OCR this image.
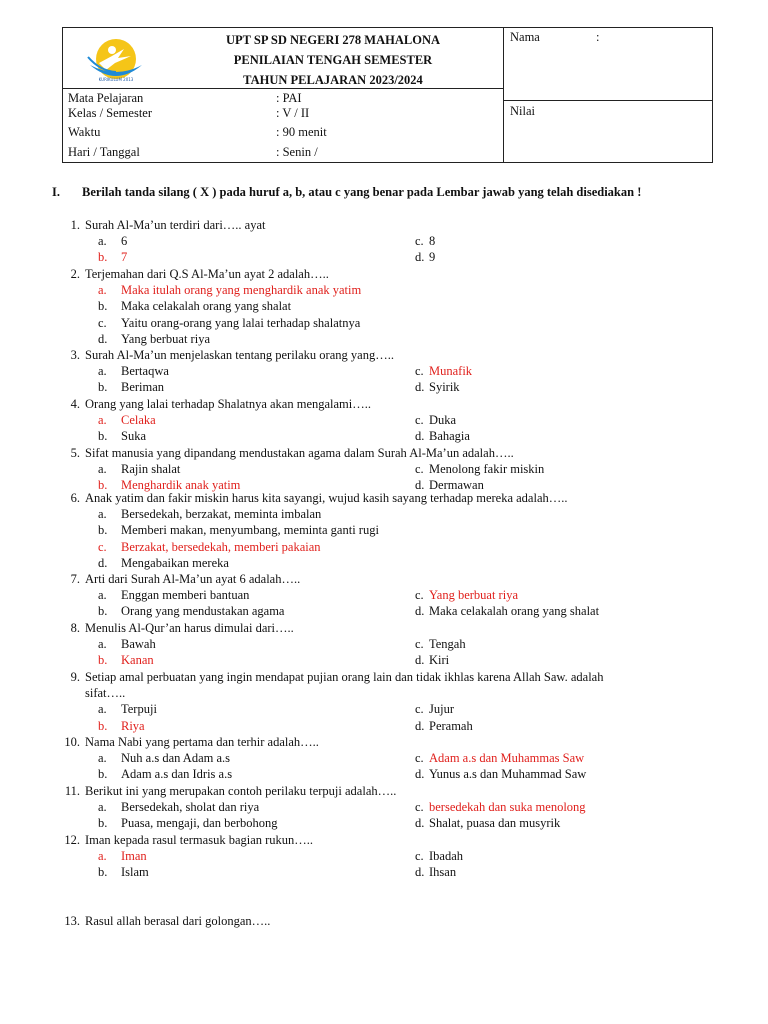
KURIKULUM 2013
UPT SP SD NEGERI 278 MAHALONA
PENILAIAN TENGAH SEMESTER
TAHUN PELAJARAN 2023/2024
Nama	:
Nilai
Mata Pelajaran	: PAI
Kelas / Semester	: V / II
Waktu	: 90 menit
Hari / Tanggal	: Senin /
I. Berilah tanda silang ( X ) pada huruf a, b, atau c yang benar pada Lembar jawab yang telah disediakan !
1. Surah Al-Ma’un terdiri dari….. ayat
a. 6	c. 8
b. 7	d. 9
2. Terjemahan dari Q.S Al-Ma’un ayat 2 adalah…..
a. Maka itulah orang yang menghardik anak yatim
b. Maka celakalah orang yang shalat
c. Yaitu orang-orang yang lalai terhadap shalatnya
d. Yang berbuat riya
3. Surah Al-Ma’un menjelaskan tentang perilaku orang yang…..
a. Bertaqwa	c. Munafik
b. Beriman	d. Syirik
4. Orang yang lalai terhadap Shalatnya akan mengalami…..
a. Celaka	c. Duka
b. Suka	d. Bahagia
5. Sifat manusia yang dipandang mendustakan agama dalam Surah Al-Ma’un adalah…..
a. Rajin shalat	c. Menolong fakir miskin
b. Menghardik anak yatim	d. Dermawan
6. Anak yatim dan fakir miskin harus kita sayangi, wujud kasih sayang terhadap mereka adalah…..
a. Bersedekah, berzakat, meminta imbalan
b. Memberi makan, menyumbang, meminta ganti rugi
c. Berzakat, bersedekah, memberi pakaian
d. Mengabaikan mereka
7. Arti dari Surah Al-Ma’un ayat 6 adalah…..
a. Enggan memberi bantuan	c. Yang berbuat riya
b. Orang yang mendustakan agama	d. Maka celakalah orang yang shalat
8. Menulis Al-Qur’an harus dimulai dari…..
a. Bawah	c. Tengah
b. Kanan	d. Kiri
9. Setiap amal perbuatan yang ingin mendapat pujian orang lain dan tidak ikhlas karena Allah Saw. adalah
sifat…..
a. Terpuji	c. Jujur
b. Riya	d. Peramah
10. Nama Nabi yang pertama dan terhir adalah…..
a. Nuh a.s dan Adam a.s	c. Adam a.s dan Muhammas Saw
b. Adam a.s dan Idris a.s	d. Yunus a.s dan Muhammad Saw
11. Berikut ini yang merupakan contoh perilaku terpuji adalah…..
a. Bersedekah, sholat dan riya	c. bersedekah dan suka menolong
b. Puasa, mengaji, dan berbohong	d. Shalat, puasa dan musyrik
12. Iman kepada rasul termasuk bagian rukun…..
a. Iman	c. Ibadah
b. Islam	d. Ihsan
13. Rasul allah berasal dari golongan…..
